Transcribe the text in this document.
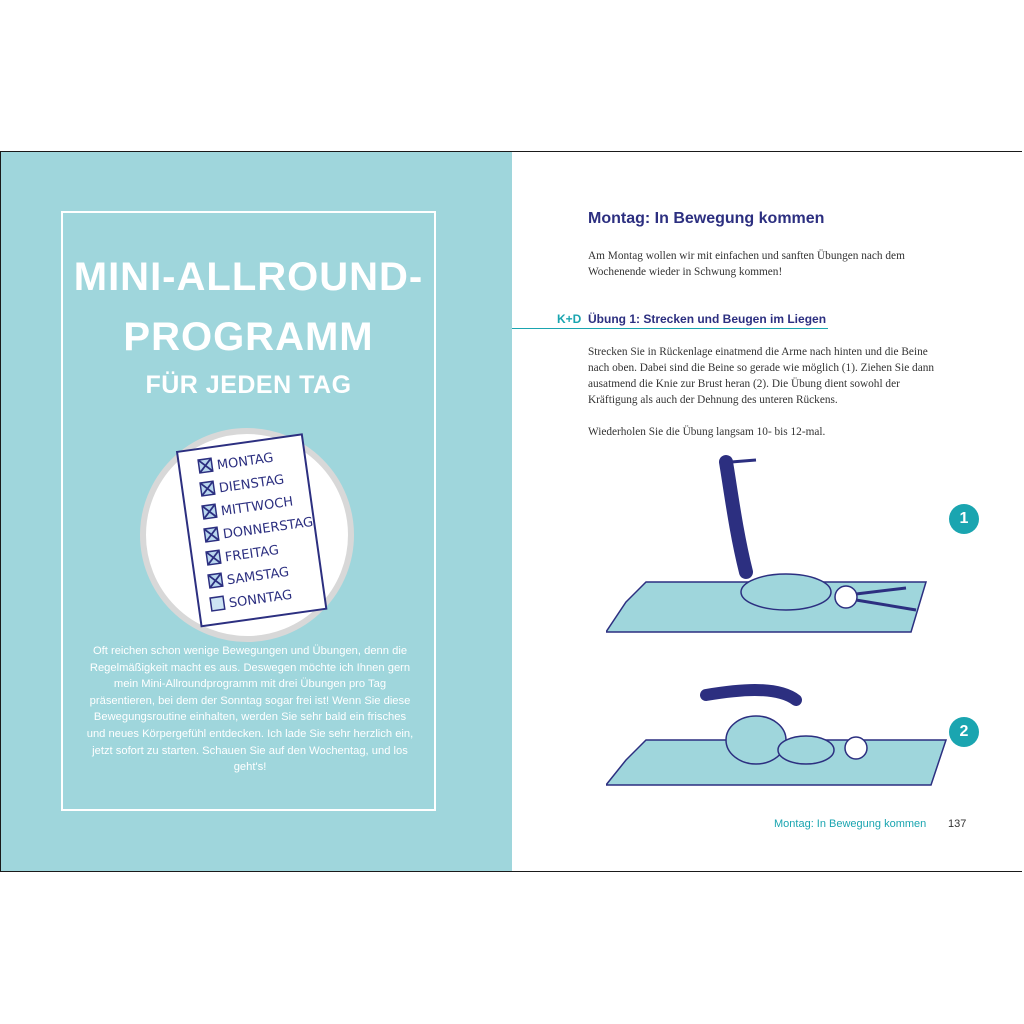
MINI-ALLROUND-
PROGRAMM
FÜR JEDEN TAG
MONTAG
DIENSTAG
MITTWOCH
DONNERSTAG
FREITAG
SAMSTAG
SONNTAG
Oft reichen schon wenige Bewegungen und Übungen, denn die Regelmäßigkeit macht es aus. Deswegen möchte ich Ihnen gern mein Mini-Allroundprogramm mit drei Übungen pro Tag präsentieren, bei dem der Sonntag sogar frei ist! Wenn Sie diese Bewegungsroutine einhalten, werden Sie sehr bald ein frisches und neues Körpergefühl entdecken. Ich lade Sie sehr herzlich ein, jetzt sofort zu starten. Schauen Sie auf den Wochentag, und los geht's!
Montag: In Bewegung kommen
Am Montag wollen wir mit einfachen und sanften Übungen nach dem Wochenende wieder in Schwung kommen!
K+D Übung 1: Strecken und Beugen im Liegen
Strecken Sie in Rückenlage einatmend die Arme nach hinten und die Beine nach oben. Dabei sind die Beine so gerade wie möglich (1). Ziehen Sie dann ausatmend die Knie zur Brust heran (2). Die Übung dient sowohl der Kräftigung als auch der Dehnung des unteren Rückens.
Wiederholen Sie die Übung langsam 10- bis 12-mal.
1
2
Montag: In Bewegung kommen 137
